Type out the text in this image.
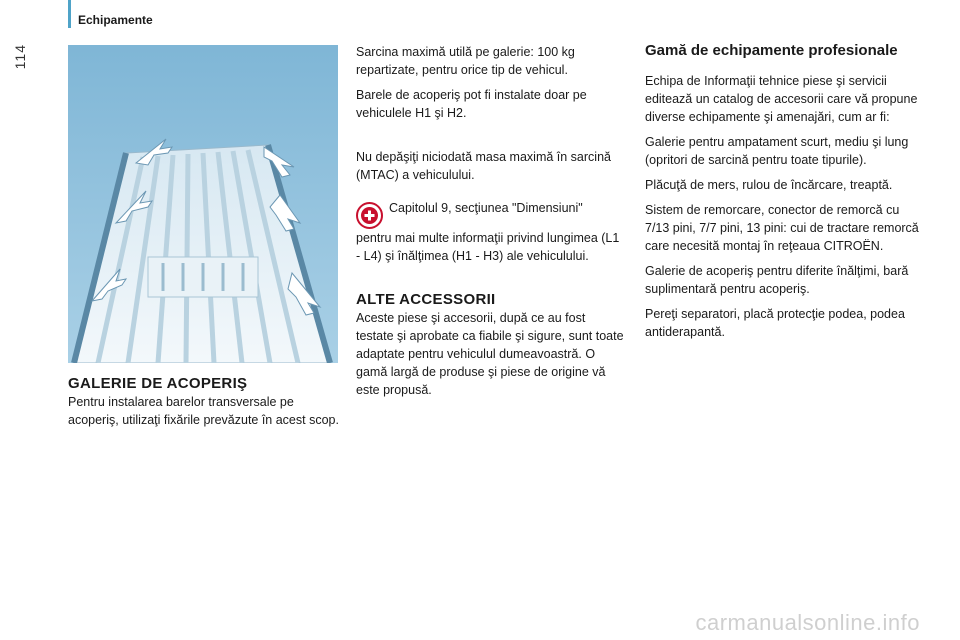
Echipamente
114
GALERIE DE ACOPERIŞ

Pentru instalarea barelor transversale pe acoperiş, utilizaţi fixările prevăzute în acest scop.

Sarcina maximă utilă pe galerie: 100 kg repartizate, pentru orice tip de vehicul.

Barele de acoperiş pot fi instalate doar pe vehiculele H1 şi H2.

Nu depăşiţi niciodată masa maximă în sarcină (MTAC) a vehiculului.

Capitolul 9, secţiunea "Dimensiuni"

pentru mai multe informaţii privind lungimea (L1 - L4) şi înălţimea (H1 - H3) ale vehiculului.

ALTE ACCESSORII

Aceste piese şi accesorii, după ce au fost testate şi aprobate ca fiabile şi sigure, sunt toate adaptate pentru vehiculul dumeavoastră. O gamă largă de produse şi piese de origine vă este propusă.

Gamă de echipamente profesionale

Echipa de Informaţii tehnice piese şi servicii editează un catalog de accesorii care vă propune diverse echipamente şi amenajări, cum ar fi:

Galerie pentru ampatament scurt, mediu şi lung (opritori de sarcină pentru toate tipurile).

Plăcuţă de mers, rulou de încărcare, treaptă.

Sistem de remorcare, conector de remorcă cu 7/13 pini, 7/7 pini, 13 pini: cui de tractare remorcă care necesită montaj în reţeaua CITROËN.

Galerie de acoperiş pentru diferite înălţimi, bară suplimentară pentru acoperiş.

Pereţi separatori, placă protecţie podea, podea antiderapantă.

carmanualsonline.info
